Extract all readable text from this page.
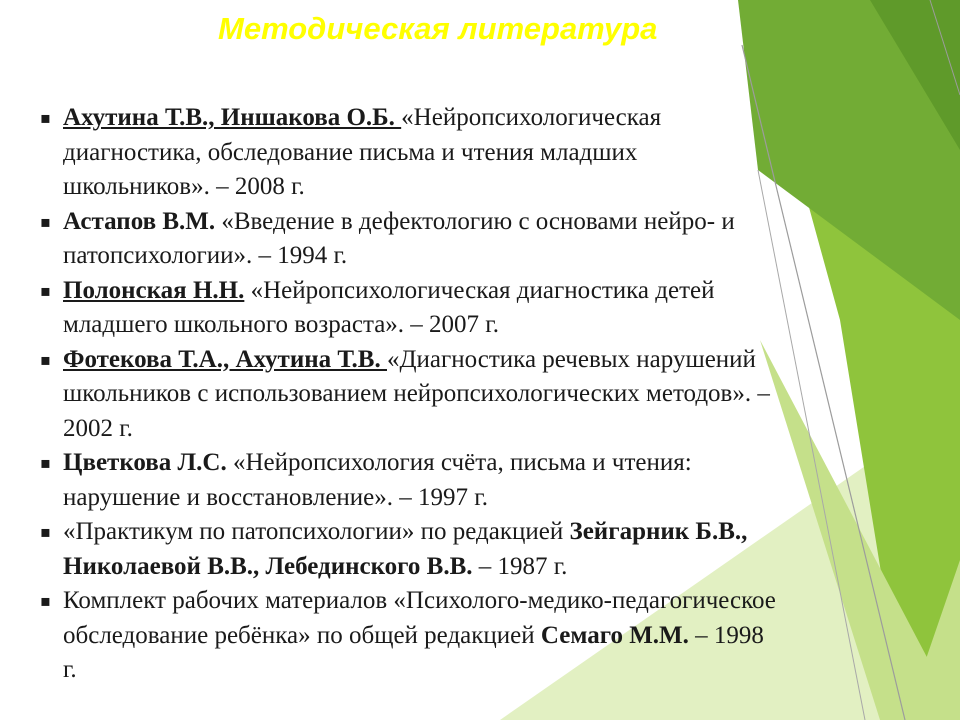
Методическая литература
▪ Ахутина Т.В., Иншакова О.Б. «Нейропсихологическая диагностика, обследование письма и чтения младших школьников». – 2008 г.
▪ Астапов В.М. «Введение в дефектологию с основами нейро- и патопсихологии». – 1994 г.
▪ Полонская Н.Н. «Нейропсихологическая диагностика детей младшего школьного возраста». – 2007 г.
▪ Фотекова Т.А., Ахутина Т.В. «Диагностика речевых нарушений школьников с использованием нейропсихологических методов». – 2002 г.
▪ Цветкова Л.С. «Нейропсихология счёта, письма и чтения: нарушение и восстановление». – 1997 г.
▪ «Практикум по патопсихологии» по редакцией Зейгарник Б.В., Николаевой В.В., Лебединского В.В. – 1987 г.
▪ Комплект рабочих материалов «Психолого-медико-педагогическое обследование ребёнка» по общей редакцией Семаго М.М. – 1998 г.
